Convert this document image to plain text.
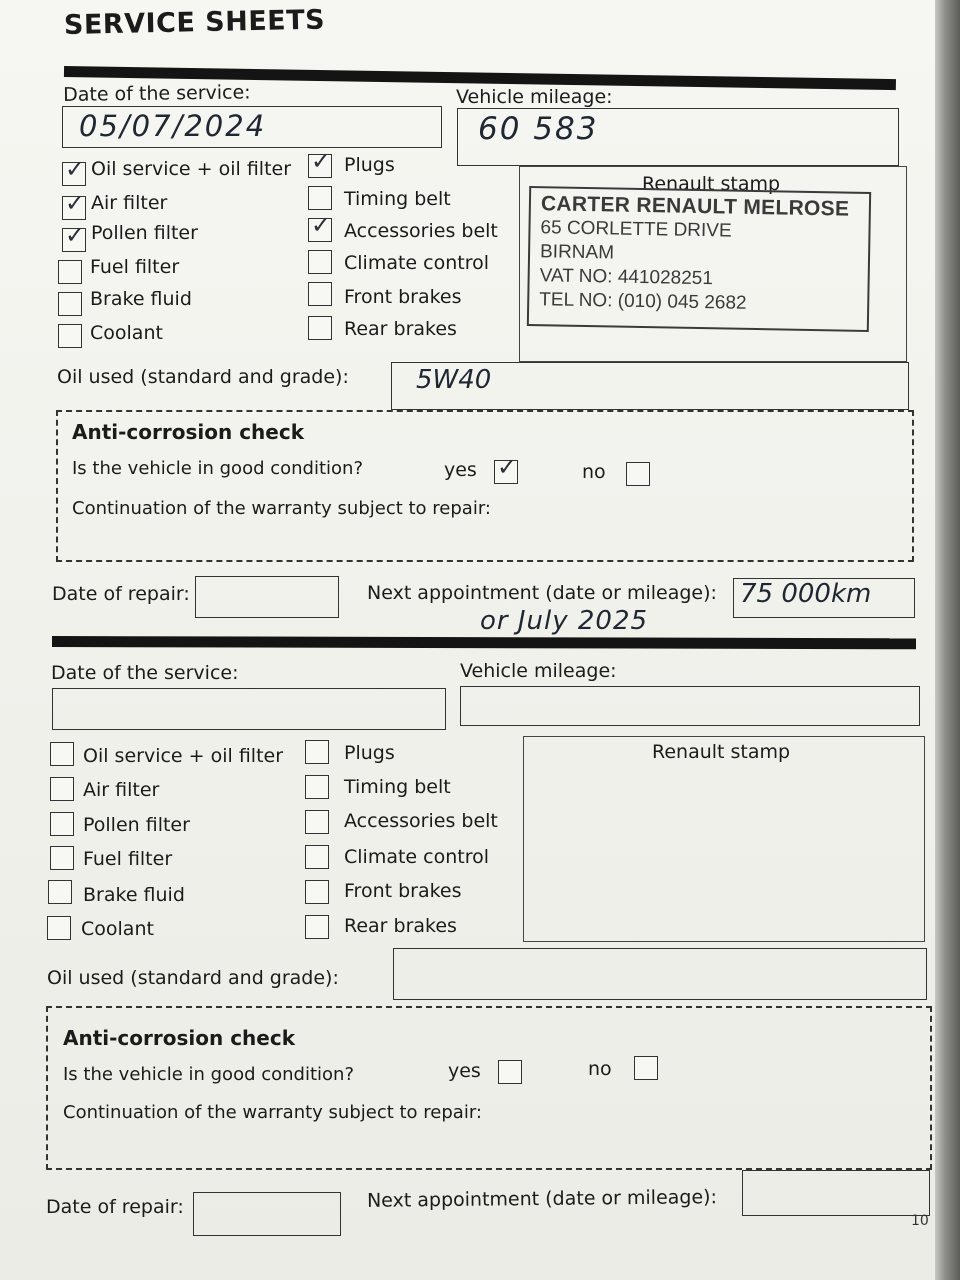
SERVICE SHEETS
Date of the service:
05/07/2024
Vehicle mileage:
60 583
✓ Oil service + oil filter
✓ Air filter
✓ Pollen filter
Fuel filter
Brake fluid
Coolant
✓ Plugs
Timing belt
✓ Accessories belt
Climate control
Front brakes
Rear brakes
Renault stamp
CARTER RENAULT MELROSE
65 CORLETTE DRIVE
BIRNAM
VAT NO: 441028251
TEL NO: (010) 045 2682
Oil used (standard and grade):	5W40
Anti-corrosion check
Is the vehicle in good condition?	yes ✓	no
Continuation of the warranty subject to repair:
Date of repair:	Next appointment (date or mileage): 75 000km
or July 2025
Date of the service:	Vehicle mileage:
Oil service + oil filter
Air filter
Pollen filter
Fuel filter
Brake fluid
Coolant
Plugs
Timing belt
Accessories belt
Climate control
Front brakes
Rear brakes
Renault stamp
Oil used (standard and grade):
Anti-corrosion check
Is the vehicle in good condition?	yes	no
Continuation of the warranty subject to repair:
Date of repair:	Next appointment (date or mileage):
10
